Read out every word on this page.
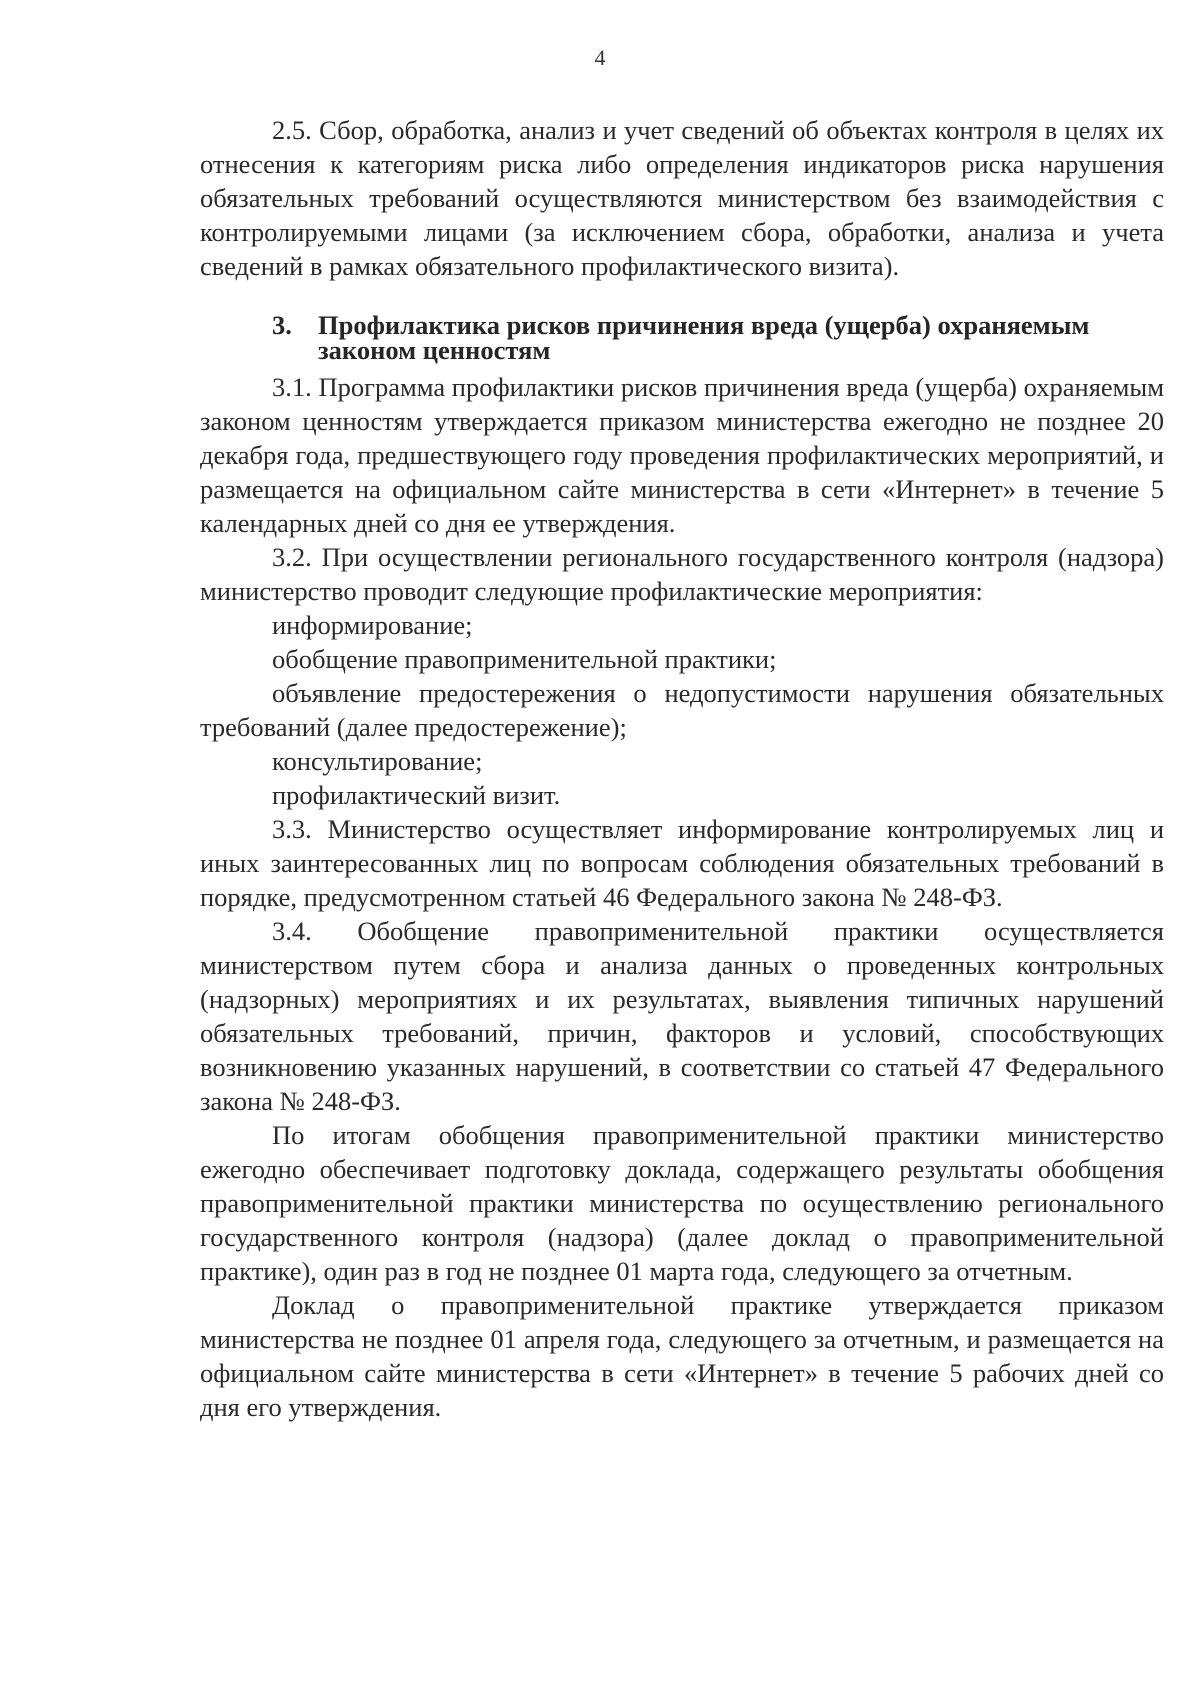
4

2.5. Сбор, обработка, анализ и учет сведений об объектах контроля в целях их отнесения к категориям риска либо определения индикаторов риска нарушения обязательных требований осуществляются министерством без взаимодействия с контролируемыми лицами (за исключением сбора, обработки, анализа и учета сведений в рамках обязательного профилактического визита).

3. Профилактика рисков причинения вреда (ущерба) охраняемым
законом ценностям

3.1. Программа профилактики рисков причинения вреда (ущерба) охраняемым законом ценностям утверждается приказом министерства ежегодно не позднее 20 декабря года, предшествующего году проведения профилактических мероприятий, и размещается на официальном сайте министерства в сети «Интернет» в течение 5 календарных дней со дня ее утверждения.

3.2. При осуществлении регионального государственного контроля (надзора) министерство проводит следующие профилактические мероприятия:

информирование;

обобщение правоприменительной практики;

объявление предостережения о недопустимости нарушения обязательных требований (далее предостережение);

консультирование;

профилактический визит.

3.3. Министерство осуществляет информирование контролируемых лиц и иных заинтересованных лиц по вопросам соблюдения обязательных требований в порядке, предусмотренном статьей 46 Федерального закона № 248-ФЗ.

3.4. Обобщение правоприменительной практики осуществляется министерством путем сбора и анализа данных о проведенных контрольных (надзорных) мероприятиях и их результатах, выявления типичных нарушений обязательных требований, причин, факторов и условий, способствующих возникновению указанных нарушений, в соответствии со статьей 47 Федерального закона № 248-ФЗ.

По итогам обобщения правоприменительной практики министерство ежегодно обеспечивает подготовку доклада, содержащего результаты обобщения правоприменительной практики министерства по осуществлению регионального государственного контроля (надзора) (далее доклад о правоприменительной практике), один раз в год не позднее 01 марта года, следующего за отчетным.

Доклад о правоприменительной практике утверждается приказом министерства не позднее 01 апреля года, следующего за отчетным, и размещается на официальном сайте министерства в сети «Интернет» в течение 5 рабочих дней со дня его утверждения.
